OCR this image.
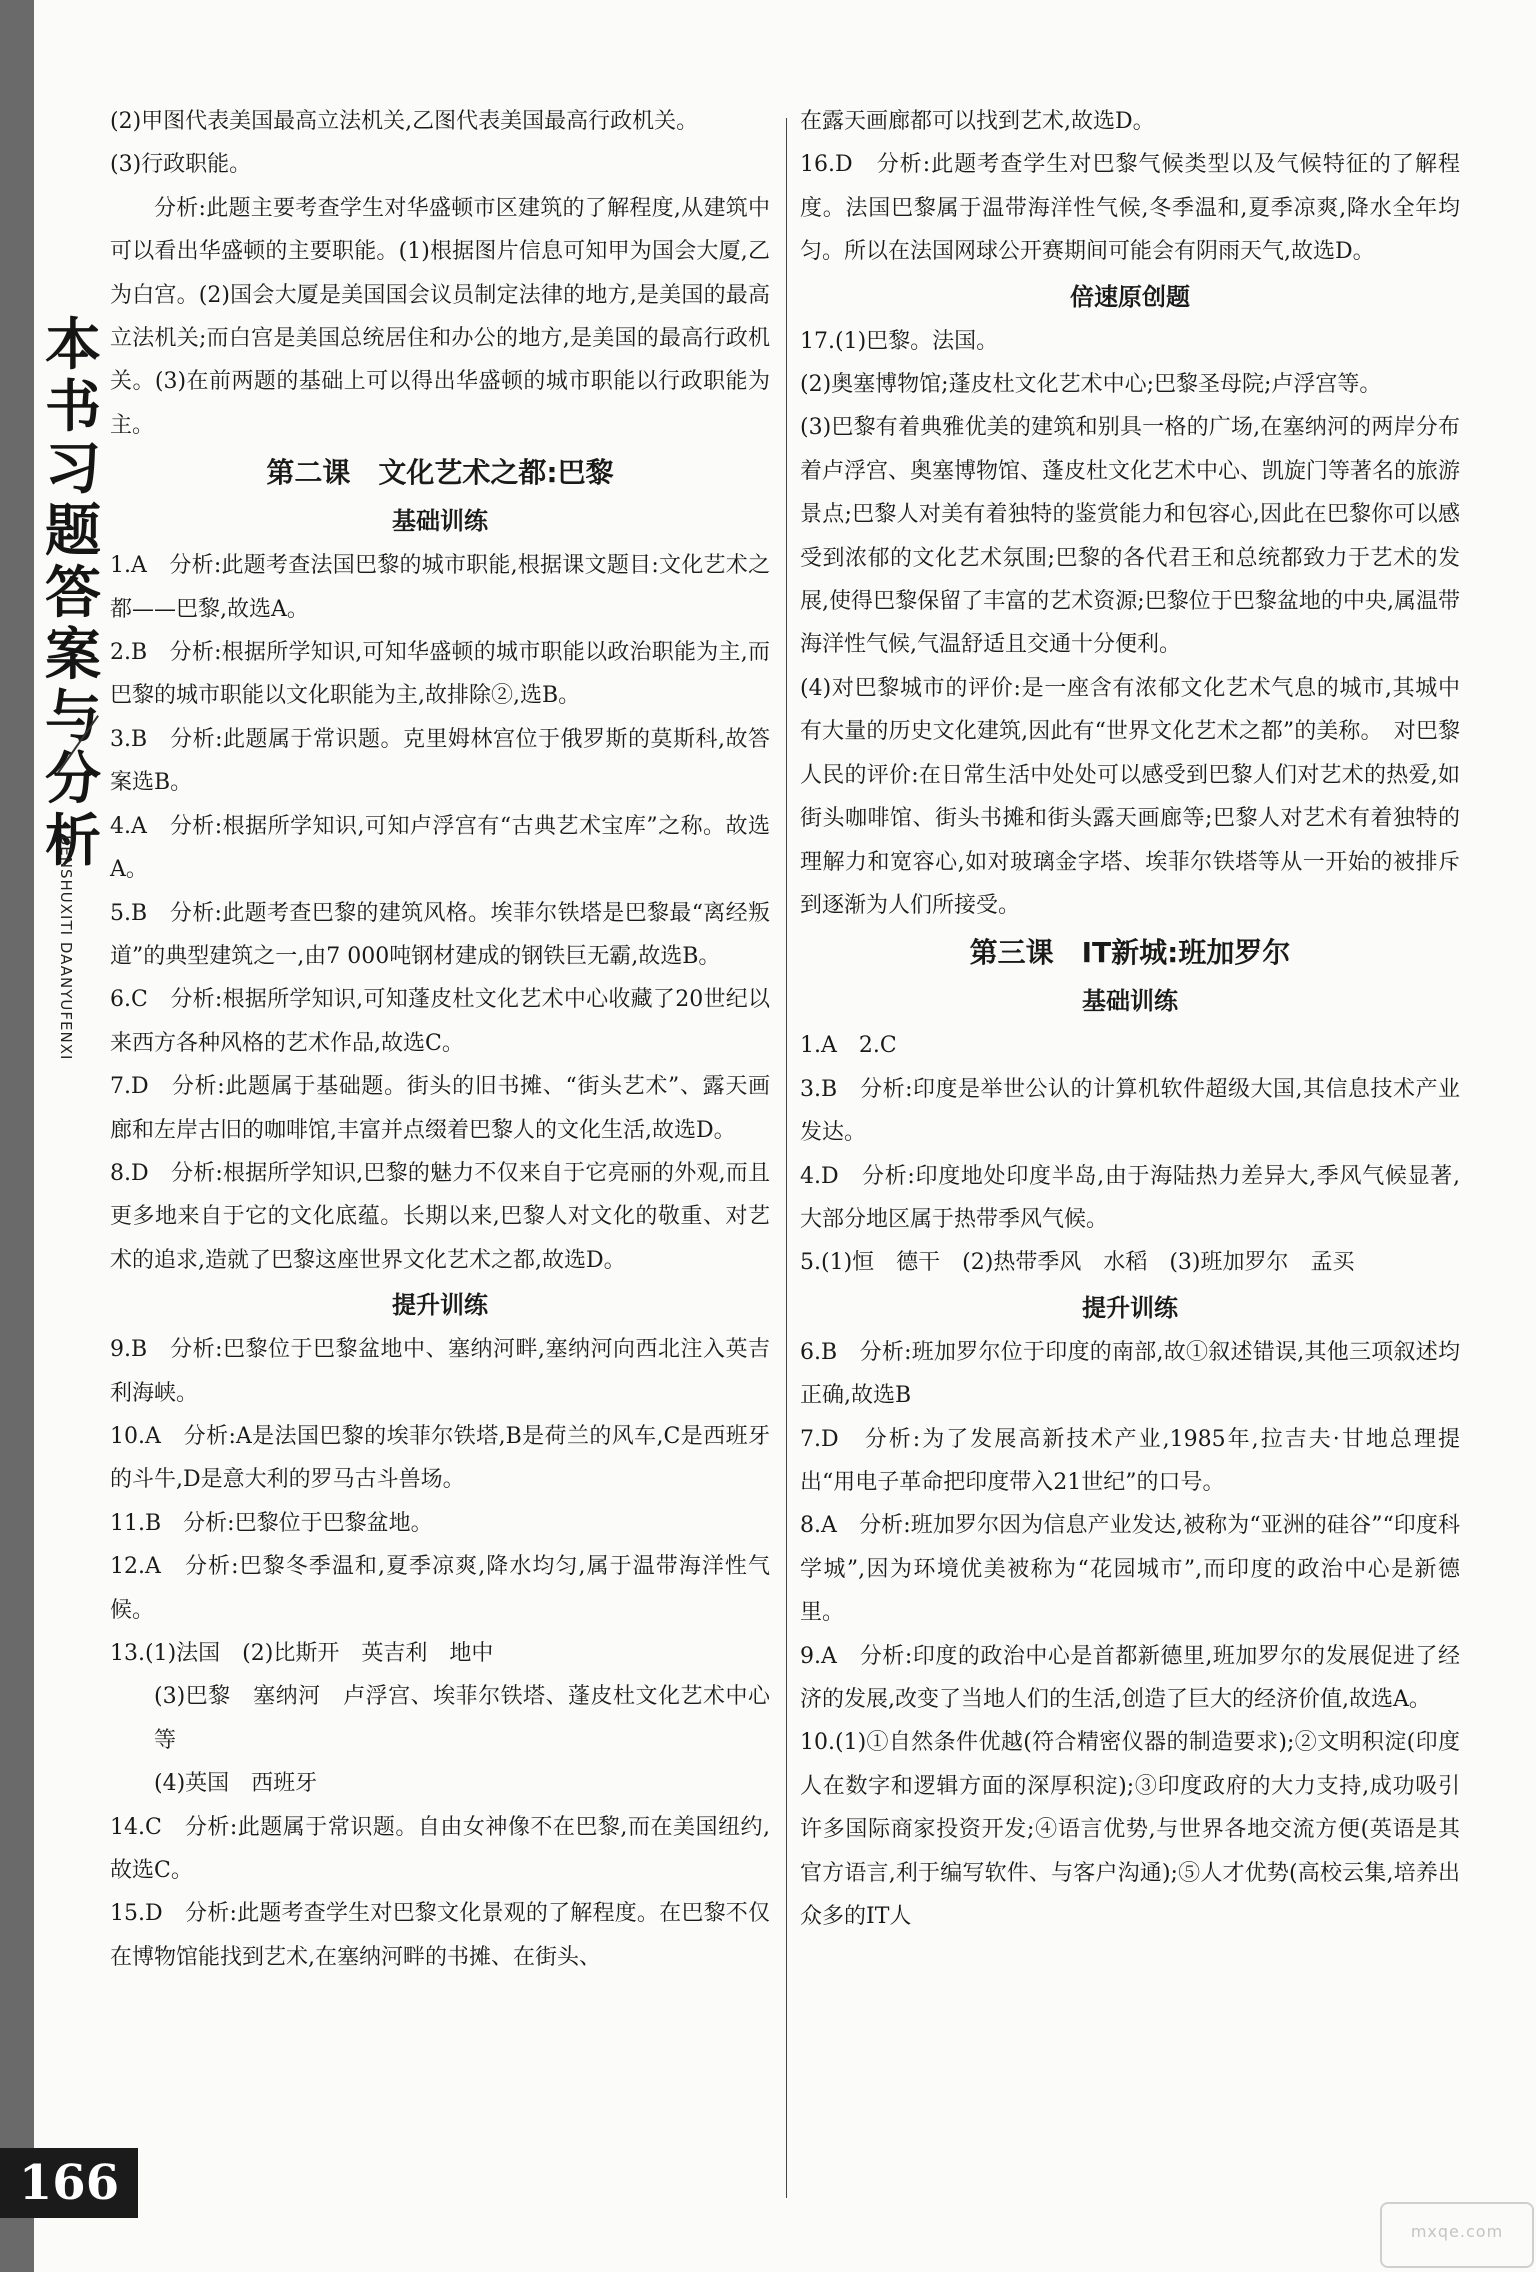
本书习题答案与分析
BENSHUXITI DAANYUFENXI

(2)甲图代表美国最高立法机关,乙图代表美国最高行政机关。

(3)行政职能。

分析:此题主要考查学生对华盛顿市区建筑的了解程度,从建筑中可以看出华盛顿的主要职能。(1)根据图片信息可知甲为国会大厦,乙为白宫。(2)国会大厦是美国国会议员制定法律的地方,是美国的最高立法机关;而白宫是美国总统居住和办公的地方,是美国的最高行政机关。(3)在前两题的基础上可以得出华盛顿的城市职能以行政职能为主。

第二课　文化艺术之都:巴黎

基础训练

1.A　分析:此题考查法国巴黎的城市职能,根据课文题目:文化艺术之都——巴黎,故选A。

2.B　分析:根据所学知识,可知华盛顿的城市职能以政治职能为主,而巴黎的城市职能以文化职能为主,故排除②,选B。

3.B　分析:此题属于常识题。克里姆林宫位于俄罗斯的莫斯科,故答案选B。

4.A　分析:根据所学知识,可知卢浮宫有“古典艺术宝库”之称。故选A。

5.B　分析:此题考查巴黎的建筑风格。埃菲尔铁塔是巴黎最“离经叛道”的典型建筑之一,由7 000吨钢材建成的钢铁巨无霸,故选B。

6.C　分析:根据所学知识,可知蓬皮杜文化艺术中心收藏了20世纪以来西方各种风格的艺术作品,故选C。

7.D　分析:此题属于基础题。街头的旧书摊、“街头艺术”、露天画廊和左岸古旧的咖啡馆,丰富并点缀着巴黎人的文化生活,故选D。

8.D　分析:根据所学知识,巴黎的魅力不仅来自于它亮丽的外观,而且更多地来自于它的文化底蕴。长期以来,巴黎人对文化的敬重、对艺术的追求,造就了巴黎这座世界文化艺术之都,故选D。

提升训练

9.B　分析:巴黎位于巴黎盆地中、塞纳河畔,塞纳河向西北注入英吉利海峡。

10.A　分析:A是法国巴黎的埃菲尔铁塔,B是荷兰的风车,C是西班牙的斗牛,D是意大利的罗马古斗兽场。

11.B　分析:巴黎位于巴黎盆地。

12.A　分析:巴黎冬季温和,夏季凉爽,降水均匀,属于温带海洋性气候。

13.(1)法国　(2)比斯开　英吉利　地中

(3)巴黎　塞纳河　卢浮宫、埃菲尔铁塔、蓬皮杜文化艺术中心等

(4)英国　西班牙

14.C　分析:此题属于常识题。自由女神像不在巴黎,而在美国纽约,故选C。

15.D　分析:此题考查学生对巴黎文化景观的了解程度。在巴黎不仅在博物馆能找到艺术,在塞纳河畔的书摊、在街头、

在露天画廊都可以找到艺术,故选D。

16.D　分析:此题考查学生对巴黎气候类型以及气候特征的了解程度。法国巴黎属于温带海洋性气候,冬季温和,夏季凉爽,降水全年均匀。所以在法国网球公开赛期间可能会有阴雨天气,故选D。

倍速原创题

17.(1)巴黎。法国。

(2)奥塞博物馆;蓬皮杜文化艺术中心;巴黎圣母院;卢浮宫等。

(3)巴黎有着典雅优美的建筑和别具一格的广场,在塞纳河的两岸分布着卢浮宫、奥塞博物馆、蓬皮杜文化艺术中心、凯旋门等著名的旅游景点;巴黎人对美有着独特的鉴赏能力和包容心,因此在巴黎你可以感受到浓郁的文化艺术氛围;巴黎的各代君王和总统都致力于艺术的发展,使得巴黎保留了丰富的艺术资源;巴黎位于巴黎盆地的中央,属温带海洋性气候,气温舒适且交通十分便利。

(4)对巴黎城市的评价:是一座含有浓郁文化艺术气息的城市,其城中有大量的历史文化建筑,因此有“世界文化艺术之都”的美称。　对巴黎人民的评价:在日常生活中处处可以感受到巴黎人们对艺术的热爱,如街头咖啡馆、街头书摊和街头露天画廊等;巴黎人对艺术有着独特的理解力和宽容心,如对玻璃金字塔、埃菲尔铁塔等从一开始的被排斥到逐渐为人们所接受。

第三课　IT新城:班加罗尔

基础训练

1.A　2.C

3.B　分析:印度是举世公认的计算机软件超级大国,其信息技术产业发达。

4.D　分析:印度地处印度半岛,由于海陆热力差异大,季风气候显著,大部分地区属于热带季风气候。

5.(1)恒　德干　(2)热带季风　水稻　(3)班加罗尔　孟买

提升训练

6.B　分析:班加罗尔位于印度的南部,故①叙述错误,其他三项叙述均正确,故选B

7.D　分析:为了发展高新技术产业,1985年,拉吉夫·甘地总理提出“用电子革命把印度带入21世纪”的口号。

8.A　分析:班加罗尔因为信息产业发达,被称为“亚洲的硅谷”“印度科学城”,因为环境优美被称为“花园城市”,而印度的政治中心是新德里。

9.A　分析:印度的政治中心是首都新德里,班加罗尔的发展促进了经济的发展,改变了当地人们的生活,创造了巨大的经济价值,故选A。

10.(1)①自然条件优越(符合精密仪器的制造要求);②文明积淀(印度人在数字和逻辑方面的深厚积淀);③印度政府的大力支持,成功吸引许多国际商家投资开发;④语言优势,与世界各地交流方便(英语是其官方语言,利于编写软件、与客户沟通);⑤人才优势(高校云集,培养出众多的IT人

166
mxqe.com
